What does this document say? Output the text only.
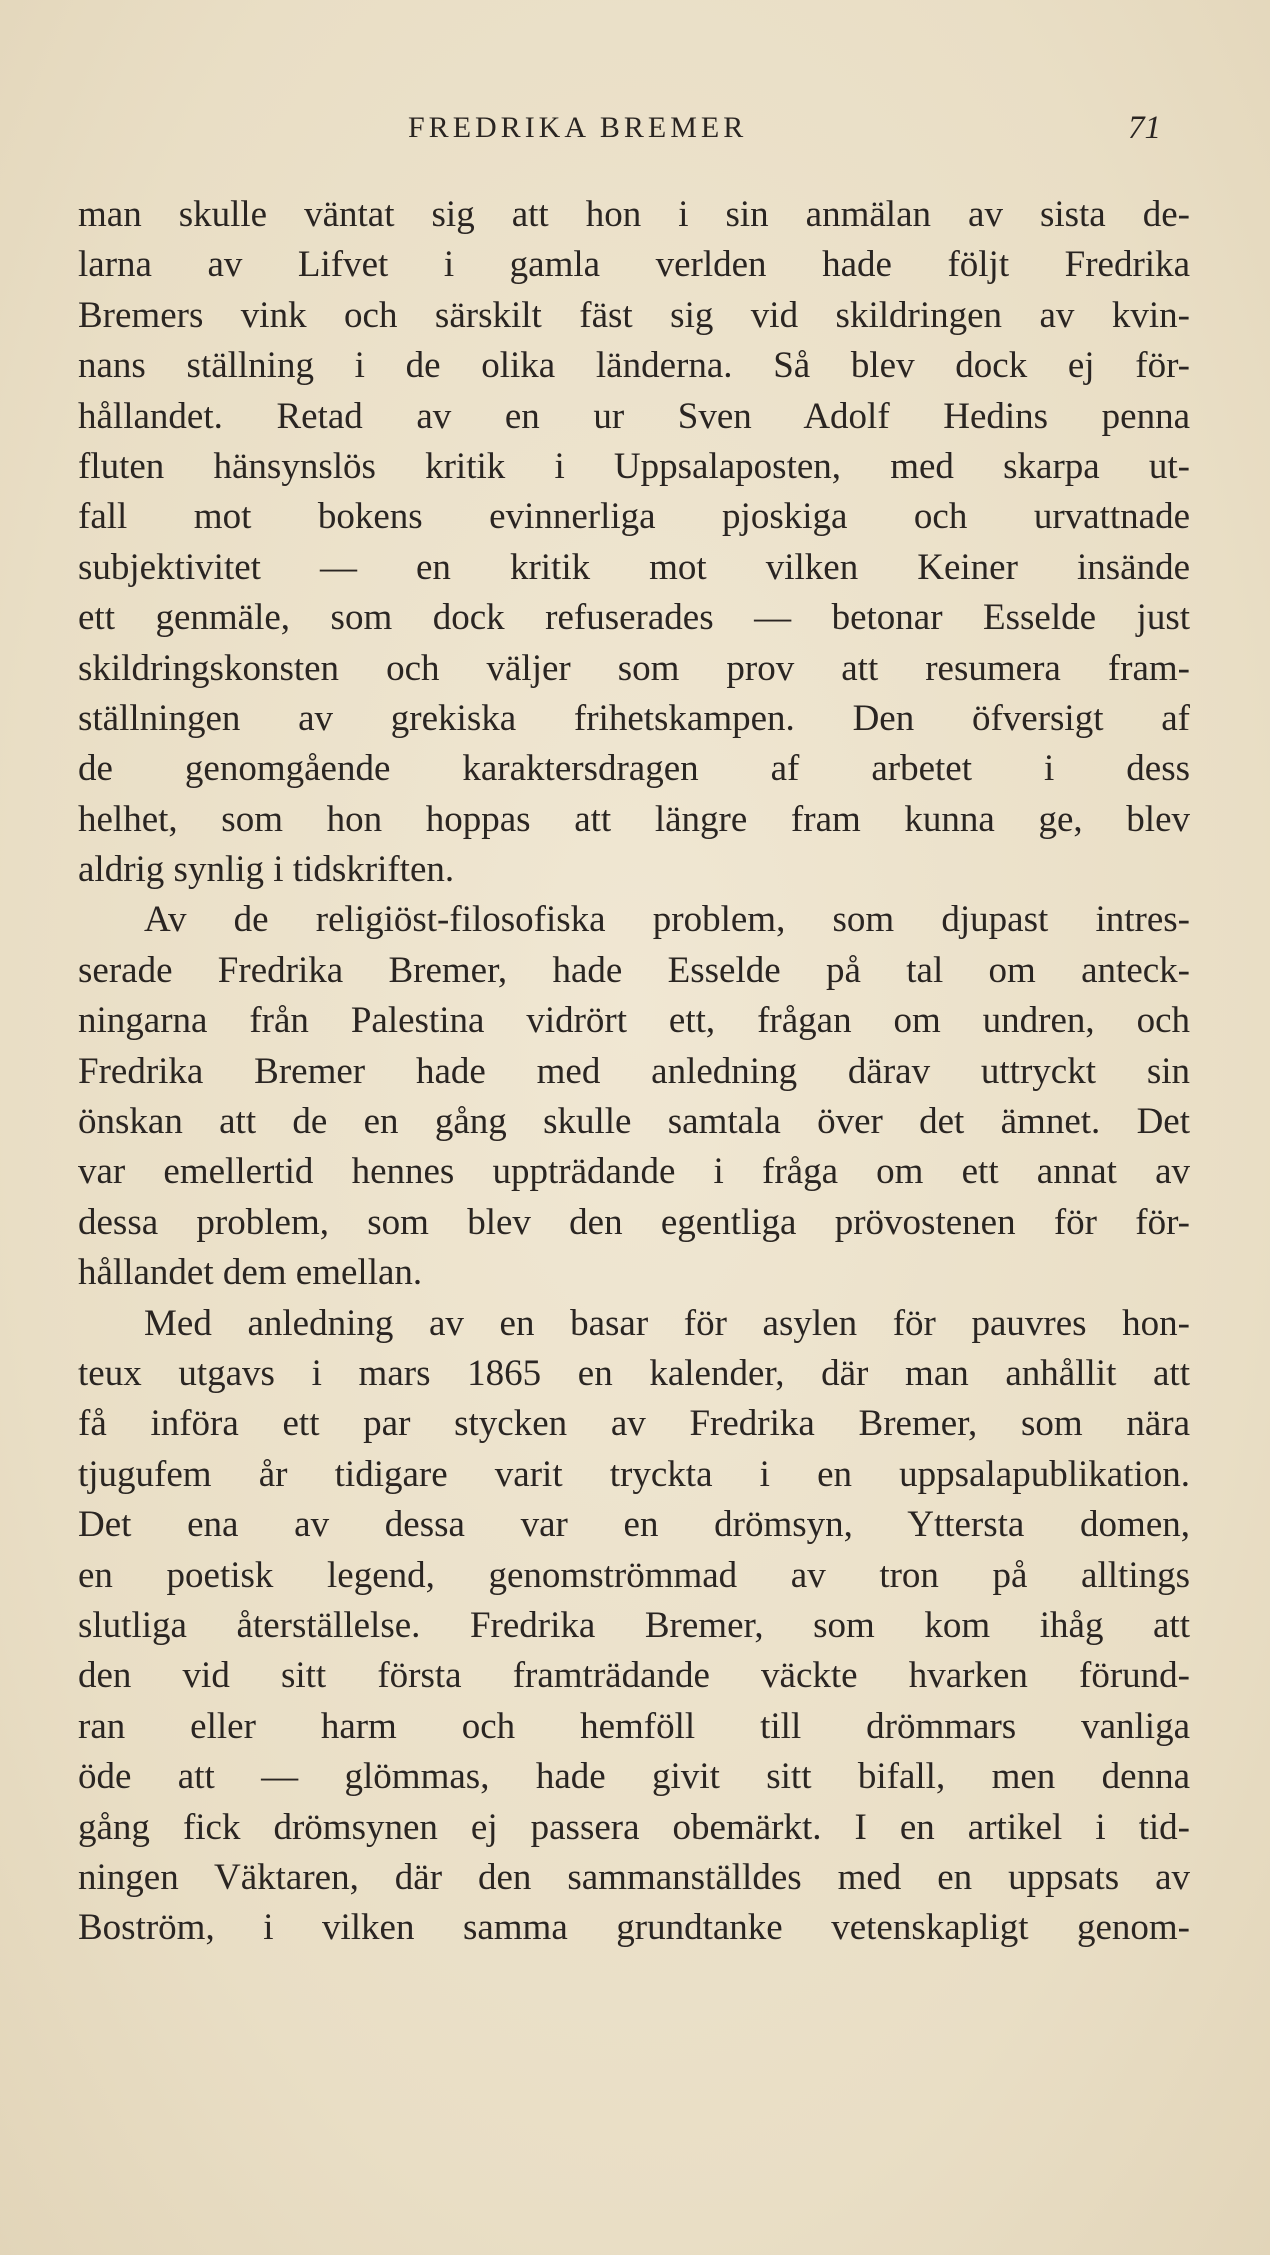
FREDRIKA BREMER	71
man skulle väntat sig att hon i sin anmälan av sista de-
larna av Lifvet i gamla verlden hade följt Fredrika
Bremers vink och särskilt fäst sig vid skildringen av kvin-
nans ställning i de olika länderna. Så blev dock ej för-
hållandet. Retad av en ur Sven Adolf Hedins penna
fluten hänsynslös kritik i Uppsalaposten, med skarpa ut-
fall mot bokens evinnerliga pjoskiga och urvattnade
subjektivitet — en kritik mot vilken Keiner insände
ett genmäle, som dock refuserades — betonar Esselde just
skildringskonsten och väljer som prov att resumera fram-
ställningen av grekiska frihetskampen. Den öfversigt af
de genomgående karaktersdragen af arbetet i dess
helhet, som hon hoppas att längre fram kunna ge, blev
aldrig synlig i tidskriften.
Av de religiöst-filosofiska problem, som djupast intres-
serade Fredrika Bremer, hade Esselde på tal om anteck-
ningarna från Palestina vidrört ett, frågan om undren, och
Fredrika Bremer hade med anledning därav uttryckt sin
önskan att de en gång skulle samtala över det ämnet. Det
var emellertid hennes uppträdande i fråga om ett annat av
dessa problem, som blev den egentliga prövostenen för för-
hållandet dem emellan.
Med anledning av en basar för asylen för pauvres hon-
teux utgavs i mars 1865 en kalender, där man anhållit att
få införa ett par stycken av Fredrika Bremer, som nära
tjugufem år tidigare varit tryckta i en uppsalapublikation.
Det ena av dessa var en drömsyn, Yttersta domen,
en poetisk legend, genomströmmad av tron på alltings
slutliga återställelse. Fredrika Bremer, som kom ihåg att
den vid sitt första framträdande väckte hvarken förund-
ran eller harm och hemföll till drömmars vanliga
öde att — glömmas, hade givit sitt bifall, men denna
gång fick drömsynen ej passera obemärkt. I en artikel i tid-
ningen Väktaren, där den sammanställdes med en uppsats av
Boström, i vilken samma grundtanke vetenskapligt genom-
